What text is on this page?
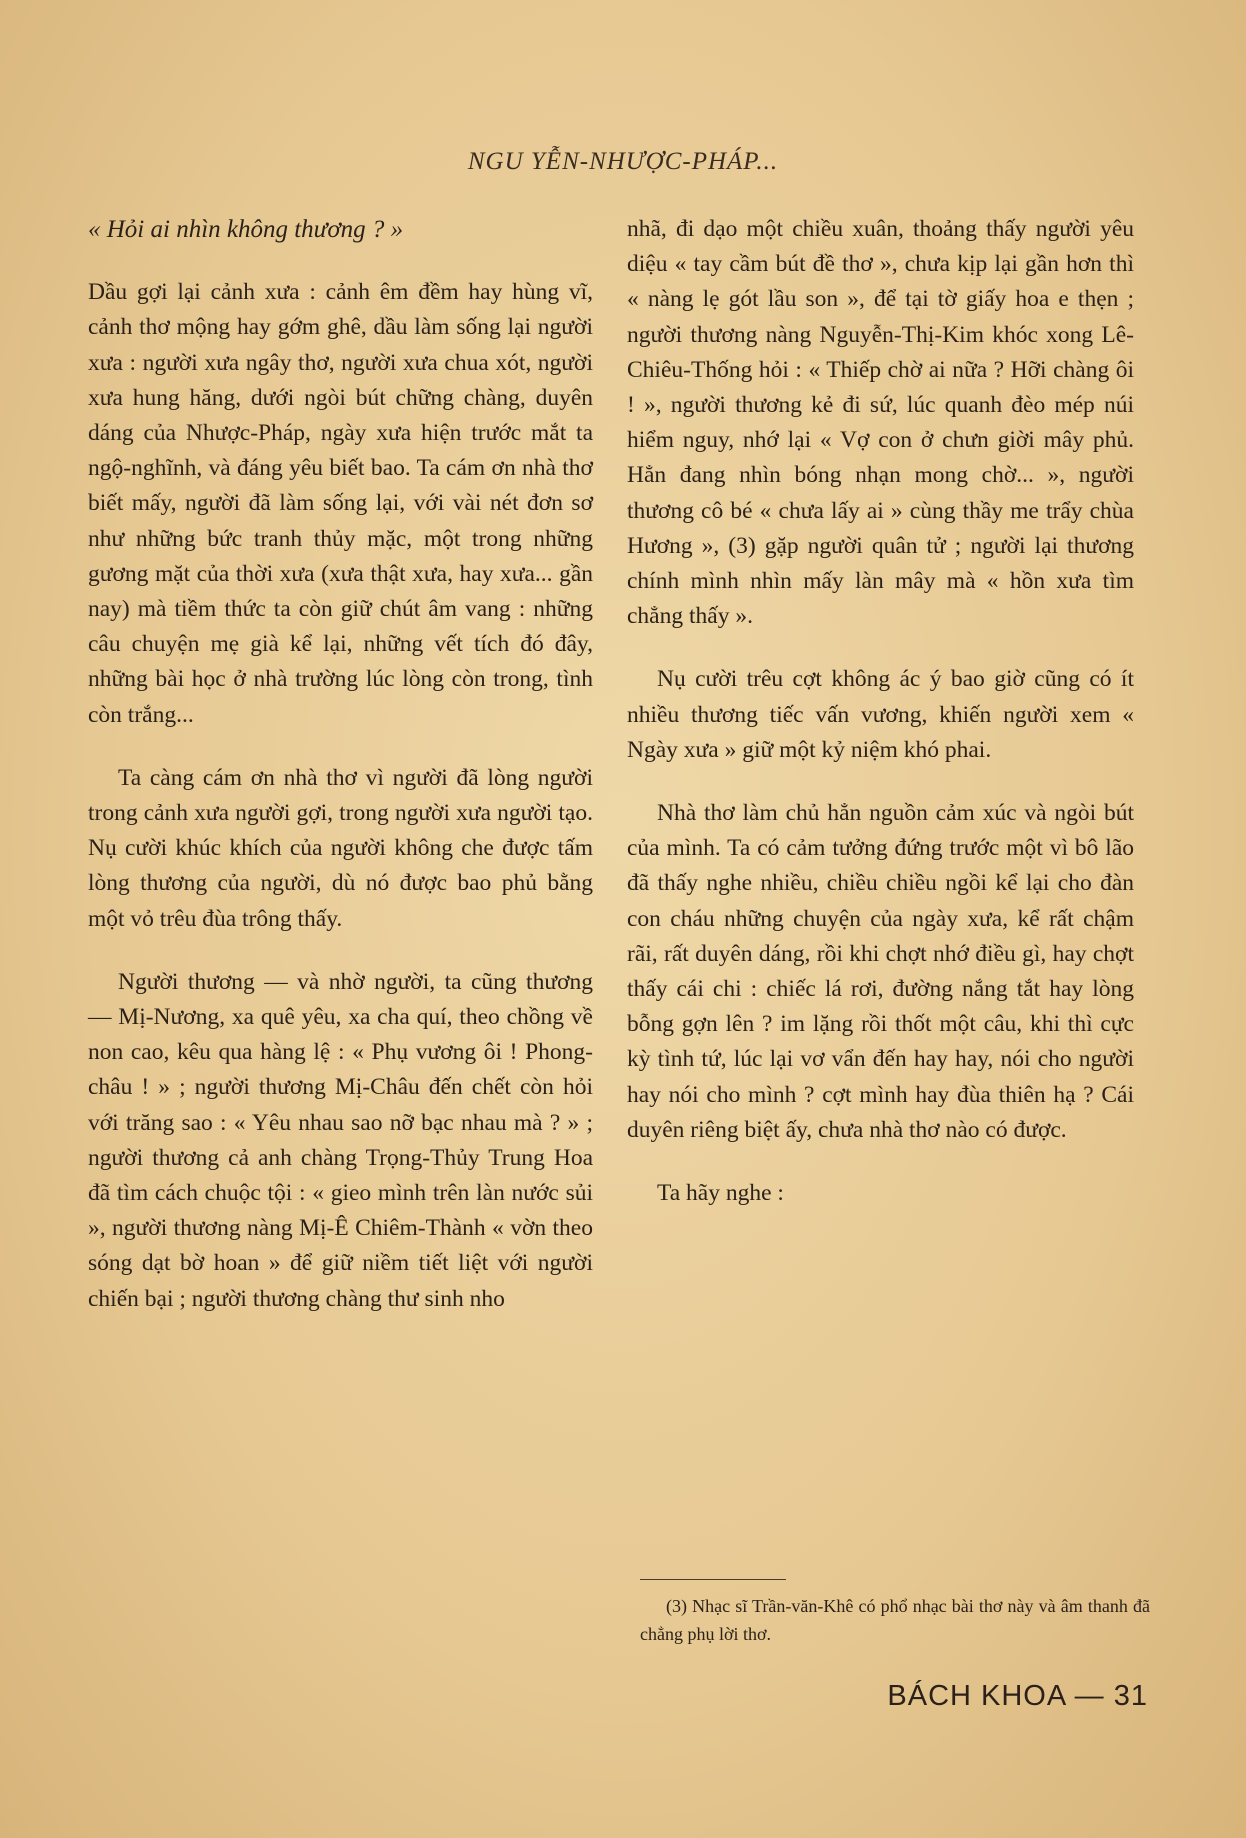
NGU YỄN-NHƯỢC-PHÁP...

« Hỏi ai nhìn không thương ? »

Dầu gợi lại cảnh xưa : cảnh êm đềm hay hùng vĩ, cảnh thơ mộng hay gớm ghê, dầu làm sống lại người xưa : người xưa ngây thơ, người xưa chua xót, người xưa hung hăng, dưới ngòi bút chững chàng, duyên dáng của Nhược-Pháp, ngày xưa hiện trước mắt ta ngộ-nghĩnh, và đáng yêu biết bao. Ta cám ơn nhà thơ biết mấy, người đã làm sống lại, với vài nét đơn sơ như những bức tranh thủy mặc, một trong những gương mặt của thời xưa (xưa thật xưa, hay xưa... gần nay) mà tiềm thức ta còn giữ chút âm vang : những câu chuyện mẹ già kể lại, những vết tích đó đây, những bài học ở nhà trường lúc lòng còn trong, tình còn trắng...

Ta càng cám ơn nhà thơ vì người đã lòng người trong cảnh xưa người gợi, trong người xưa người tạo. Nụ cười khúc khích của người không che được tấm lòng thương của người, dù nó được bao phủ bằng một vỏ trêu đùa trông thấy.

Người thương — và nhờ người, ta cũng thương — Mị-Nương, xa quê yêu, xa cha quí, theo chồng về non cao, kêu qua hàng lệ : « Phụ vương ôi ! Phong-châu ! » ; người thương Mị-Châu đến chết còn hỏi với trăng sao : « Yêu nhau sao nỡ bạc nhau mà ? » ; người thương cả anh chàng Trọng-Thủy Trung Hoa đã tìm cách chuộc tội : « gieo mình trên làn nước sủi », người thương nàng Mị-Ê Chiêm-Thành « vờn theo sóng dạt bờ hoan » để giữ niềm tiết liệt với người chiến bại ; người thương chàng thư sinh nho

nhã, đi dạo một chiều xuân, thoảng thấy người yêu diệu « tay cầm bút đề thơ », chưa kịp lại gần hơn thì « nàng lẹ gót lầu son », để tại tờ giấy hoa e thẹn ; người thương nàng Nguyễn-Thị-Kim khóc xong Lê-Chiêu-Thống hỏi : « Thiếp chờ ai nữa ? Hỡi chàng ôi ! », người thương kẻ đi sứ, lúc quanh đèo mép núi hiểm nguy, nhớ lại « Vợ con ở chưn giời mây phủ. Hẳn đang nhìn bóng nhạn mong chờ... », người thương cô bé « chưa lấy ai » cùng thầy me trẩy chùa Hương », (3) gặp người quân tử ; người lại thương chính mình nhìn mấy làn mây mà « hồn xưa tìm chẳng thấy ».

Nụ cười trêu cợt không ác ý bao giờ cũng có ít nhiều thương tiếc vấn vương, khiến người xem « Ngày xưa » giữ một kỷ niệm khó phai.

Nhà thơ làm chủ hẳn nguồn cảm xúc và ngòi bút của mình. Ta có cảm tưởng đứng trước một vì bô lão đã thấy nghe nhiều, chiều chiều ngồi kể lại cho đàn con cháu những chuyện của ngày xưa, kể rất chậm rãi, rất duyên dáng, rồi khi chợt nhớ điều gì, hay chợt thấy cái chi : chiếc lá rơi, đường nắng tắt hay lòng bỗng gợn lên ? im lặng rồi thốt một câu, khi thì cực kỳ tình tứ, lúc lại vơ vẩn đến hay hay, nói cho người hay nói cho mình ? cợt mình hay đùa thiên hạ ? Cái duyên riêng biệt ấy, chưa nhà thơ nào có được.

Ta hãy nghe :

(3) Nhạc sĩ Trần-văn-Khê có phổ nhạc bài thơ này và âm thanh đã chẳng phụ lời thơ.
BÁCH KHOA — 31
